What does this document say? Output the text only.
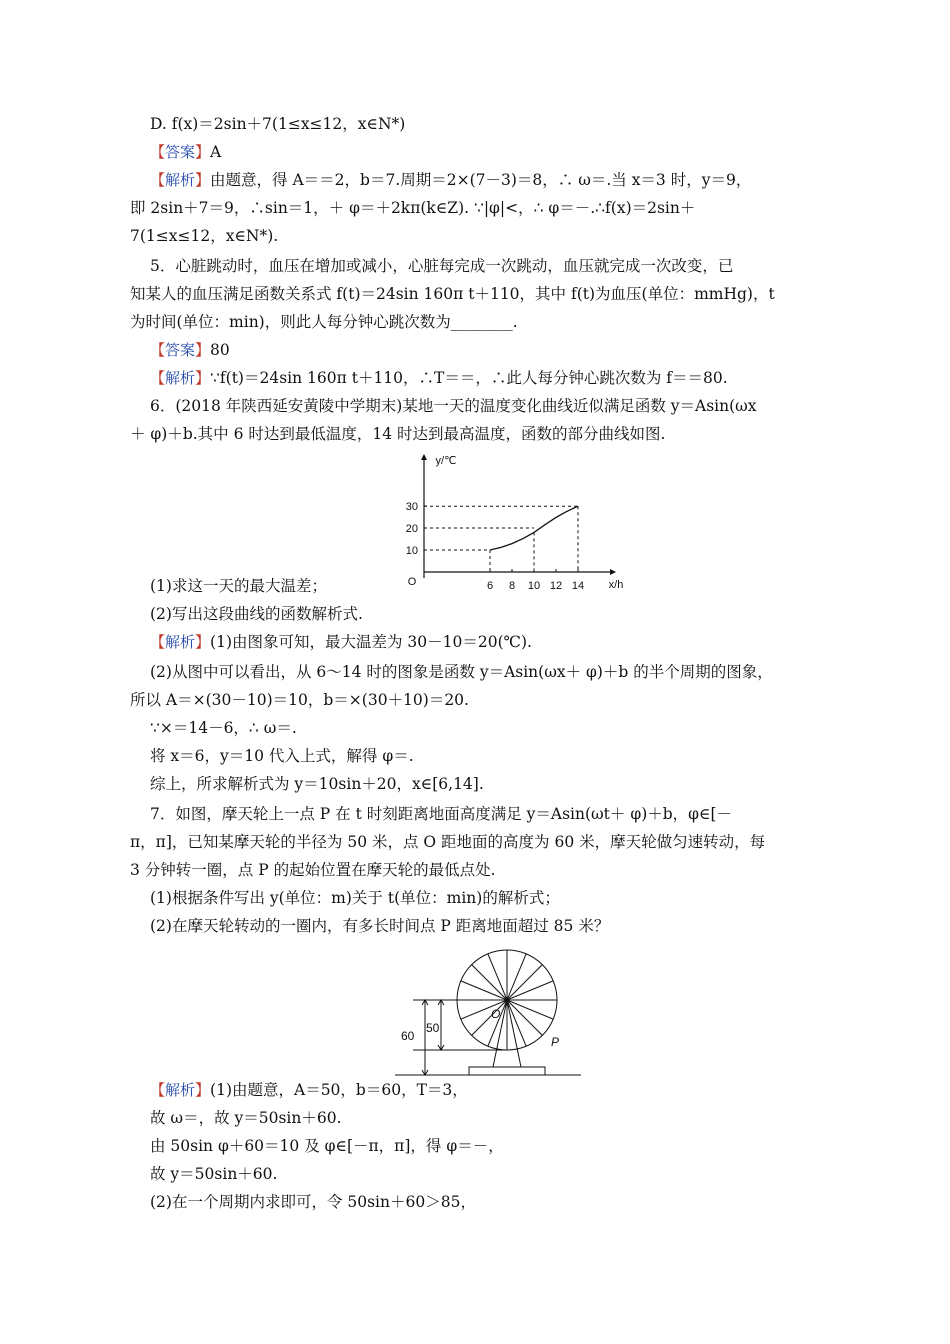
D. f(x)＝2sin＋7(1≤x≤12，x∈N*)
【答案】A
【解析】由题意，得 A＝＝2，b＝7.周期＝2×(7－3)＝8，∴ ω＝.当 x＝3 时，y＝9，
即 2sin＋7＝9，∴sin＝1，＋ φ＝＋2kπ(k∈Z). ∵|φ|<，∴ φ＝－.∴f(x)＝2sin＋
7(1≤x≤12，x∈N*).
5．心脏跳动时，血压在增加或减小，心脏每完成一次跳动，血压就完成一次改变，已
知某人的血压满足函数关系式 f(t)＝24sin 160π t＋110，其中 f(t)为血压(单位：mmHg)，t
为时间(单位：min)，则此人每分钟心跳次数为________.
【答案】80
【解析】∵f(t)＝24sin 160π t＋110，∴T＝＝，∴此人每分钟心跳次数为 f＝＝80.
6．(2018 年陕西延安黄陵中学期末)某地一天的温度变化曲线近似满足函数 y＝Asin(ωx
＋ φ)＋b.其中 6 时达到最低温度，14 时达到最高温度，函数的部分曲线如图.
(1)求这一天的最大温差；
(2)写出这段曲线的函数解析式.
【解析】(1)由图象可知，最大温差为 30－10＝20(℃).
(2)从图中可以看出，从 6～14 时的图象是函数 y＝Asin(ωx＋ φ)＋b 的半个周期的图象，
所以 A＝×(30－10)＝10，b＝×(30＋10)＝20.
∵×＝14－6，∴ ω＝.
将 x＝6，y＝10 代入上式，解得 φ＝.
综上，所求解析式为 y＝10sin＋20，x∈[6,14].
7．如图，摩天轮上一点 P 在 t 时刻距离地面高度满足 y＝Asin(ωt＋ φ)＋b，φ∈[－
π，π]，已知某摩天轮的半径为 50 米，点 O 距地面的高度为 60 米，摩天轮做匀速转动，每
3 分钟转一圈，点 P 的起始位置在摩天轮的最低点处.
(1)根据条件写出 y(单位：m)关于 t(单位：min)的解析式；
(2)在摩天轮转动的一圈内，有多长时间点 P 距离地面超过 85 米？
【解析】(1)由题意，A＝50，b＝60，T＝3，
故 ω＝，故 y＝50sin＋60.
由 50sin φ＋60＝10 及 φ∈[－π，π]，得 φ＝－，
故 y＝50sin＋60.
(2)在一个周期内求即可，令 50sin＋60＞85，
y/℃
x/h
O	6 8 10 12 14
10
20
30
60
50
O
P
